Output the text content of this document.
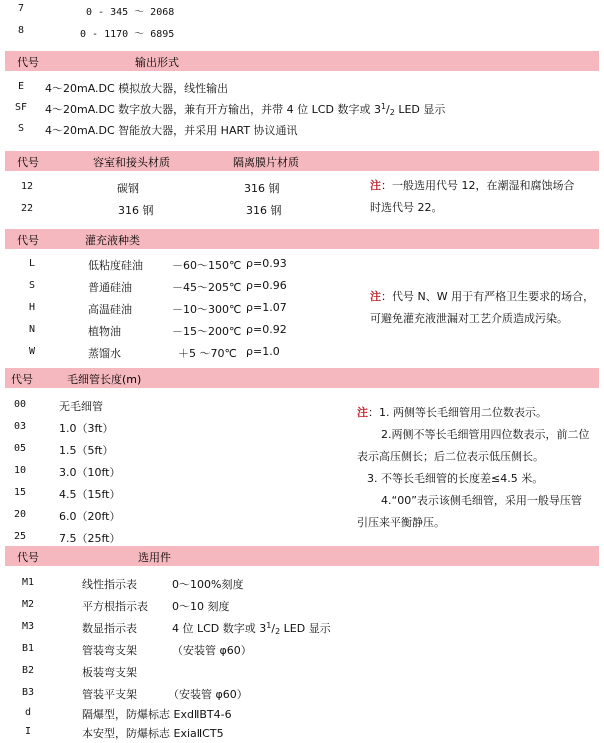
7	0 - 345 ～ 2068
8	0 - 1170 ～ 6895
代号	输出形式
E 4～20mA.DC 模拟放大器，线性输出
SF 4～20mA.DC 数字放大器，兼有开方输出，并带 4 位 LCD 数字或 $3^1/_2$ LED 显示
S 4～20mA.DC 智能放大器，并采用 HART 协议通讯
代号	容室和接头材质	隔离膜片材质
12	碳钢	316 钢
22	316 钢	316 钢
注：一般选用代号 12，在潮湿和腐蚀场合
时选代号 22。
代号	灌充液种类
L	低粘度硅油	－60～150℃ ρ=0.93
S	普通硅油	－45～205℃ ρ=0.96
H	高温硅油	－10～300℃ ρ=1.07
N	植物油	－15～200℃ ρ=0.92
W	蒸馏水	＋5 ～70℃ ρ=1.0
注：代号 N、W 用于有严格卫生要求的场合，
可避免灌充液泄漏对工艺介质造成污染。
代号	毛细管长度(m)
00	无毛细管
03	1.0（3ft）
05	1.5（5ft）
10	3.0（10ft）
15	4.5（15ft）
20	6.0（20ft）
25	7.5（25ft）
注：1. 两侧等长毛细管用二位数表示。
2.两侧不等长毛细管用四位数表示，前二位
表示高压侧长；后二位表示低压侧长。
3. 不等长毛细管的长度差≤4.5 米。
4.“00”表示该侧毛细管，采用一般导压管
引压来平衡静压。
代号	选用件
M1	线性指示表	0～100%刻度
M2	平方根指示表 0～10 刻度
M3	数显指示表	4 位 LCD 数字或 $3^1/_2$ LED 显示
B1	管装弯支架	（安装管 φ60）
B2	板装弯支架
B3	管装平支架	（安装管 φ60）
d	隔爆型，防爆标志 ExdⅡBT4-6
I	本安型，防爆标志 ExiaⅡCT5
